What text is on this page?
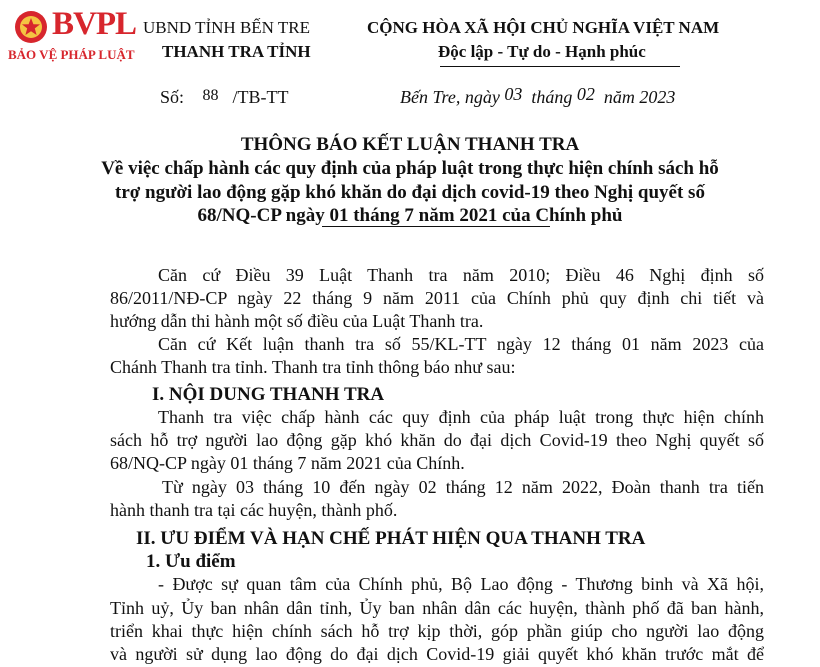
BVPL
BẢO VỆ PHÁP LUẬT
UBND TỈNH BẾN TRE
THANH TRA TỈNH
CỘNG HÒA XÃ HỘI CHỦ NGHĨA VIỆT NAM
Độc lập - Tự do - Hạnh phúc
Số: 88 /TB-TT	Bến Tre, ngày 03 tháng 02 năm 2023
THÔNG BÁO KẾT LUẬN THANH TRA
Về việc chấp hành các quy định của pháp luật trong thực hiện chính sách hỗ
trợ người lao động gặp khó khăn do đại dịch covid-19 theo Nghị quyết số
68/NQ-CP ngày 01 tháng 7 năm 2021 của Chính phủ
Căn cứ Điều 39 Luật Thanh tra năm 2010; Điều 46 Nghị định số
86/2011/NĐ-CP ngày 22 tháng 9 năm 2011 của Chính phủ quy định chi tiết và
hướng dẫn thi hành một số điều của Luật Thanh tra.
Căn cứ Kết luận thanh tra số 55/KL-TT ngày 12 tháng 01 năm 2023 của
Chánh Thanh tra tỉnh. Thanh tra tỉnh thông báo như sau:
I. NỘI DUNG THANH TRA
Thanh tra việc chấp hành các quy định của pháp luật trong thực hiện chính
sách hỗ trợ người lao động gặp khó khăn do đại dịch Covid-19 theo Nghị quyết số
68/NQ-CP ngày 01 tháng 7 năm 2021 của Chính.
Từ ngày 03 tháng 10 đến ngày 02 tháng 12 năm 2022, Đoàn thanh tra tiến
hành thanh tra tại các huyện, thành phố.
II. ƯU ĐIỂM VÀ HẠN CHẾ PHÁT HIỆN QUA THANH TRA
1. Ưu điểm
- Được sự quan tâm của Chính phủ, Bộ Lao động - Thương binh và Xã hội,
Tỉnh uỷ, Ủy ban nhân dân tỉnh, Ủy ban nhân dân các huyện, thành phố đã ban hành,
triển khai thực hiện chính sách hỗ trợ kịp thời, góp phần giúp cho người lao động
và người sử dụng lao động do đại dịch Covid-19 giải quyết khó khăn trước mắt để
